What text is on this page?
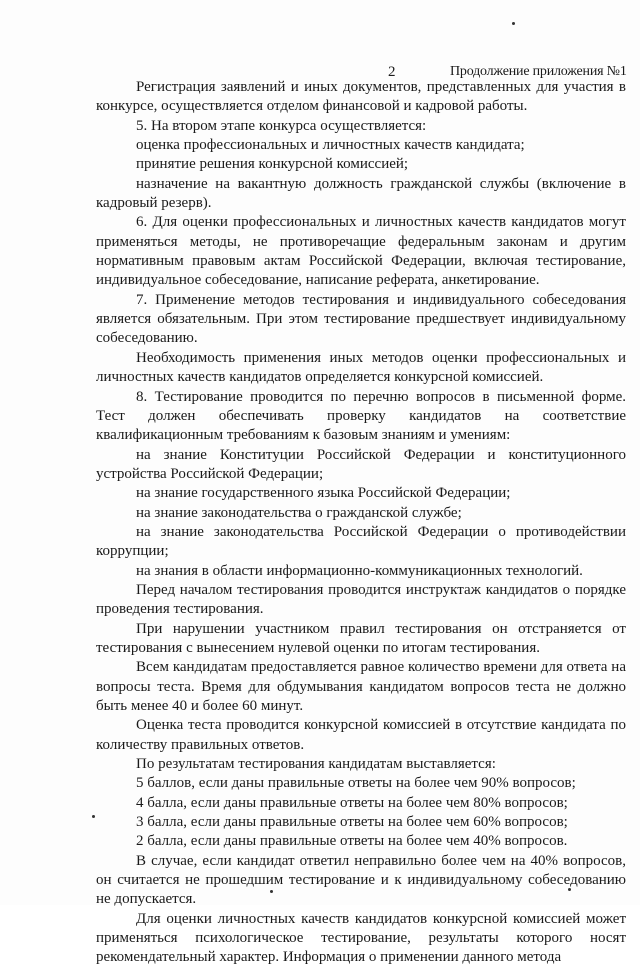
2	Продолжение приложения №1

Регистрация заявлений и иных документов, представленных для участия в конкурсе, осуществляется отделом финансовой и кадровой работы.

5. На втором этапе конкурса осуществляется:

оценка профессиональных и личностных качеств кандидата;

принятие решения конкурсной комиссией;

назначение на вакантную должность гражданской службы (включение в кадровый резерв).

6. Для оценки профессиональных и личностных качеств кандидатов могут применяться методы, не противоречащие федеральным законам и другим нормативным правовым актам Российской Федерации, включая тестирование, индивидуальное собеседование, написание реферата, анкетирование.

7. Применение методов тестирования и индивидуального собеседования является обязательным. При этом тестирование предшествует индивидуальному собеседованию.

Необходимость применения иных методов оценки профессиональных и личностных качеств кандидатов определяется конкурсной комиссией.

8. Тестирование проводится по перечню вопросов в письменной форме. Тест должен обеспечивать проверку кандидатов на соответствие квалификационным требованиям к базовым знаниям и умениям:

на знание Конституции Российской Федерации и конституционного устройства Российской Федерации;

на знание государственного языка Российской Федерации;

на знание законодательства о гражданской службе;

на знание законодательства Российской Федерации о противодействии коррупции;

на знания в области информационно-коммуникационных технологий.

Перед началом тестирования проводится инструктаж кандидатов о порядке проведения тестирования.

При нарушении участником правил тестирования он отстраняется от тестирования с вынесением нулевой оценки по итогам тестирования.

Всем кандидатам предоставляется равное количество времени для ответа на вопросы теста. Время для обдумывания кандидатом вопросов теста не должно быть менее 40 и более 60 минут.

Оценка теста проводится конкурсной комиссией в отсутствие кандидата по количеству правильных ответов.

По результатам тестирования кандидатам выставляется:

5 баллов, если даны правильные ответы на более чем 90% вопросов;

4 балла, если даны правильные ответы на более чем 80% вопросов;

3 балла, если даны правильные ответы на более чем 60% вопросов;

2 балла, если даны правильные ответы на более чем 40% вопросов.

В случае, если кандидат ответил неправильно более чем на 40% вопросов, он считается не прошедшим тестирование и к индивидуальному собеседованию не допускается.

Для оценки личностных качеств кандидатов конкурсной комиссией может применяться психологическое тестирование, результаты которого носят рекомендательный характер. Информация о применении данного метода
